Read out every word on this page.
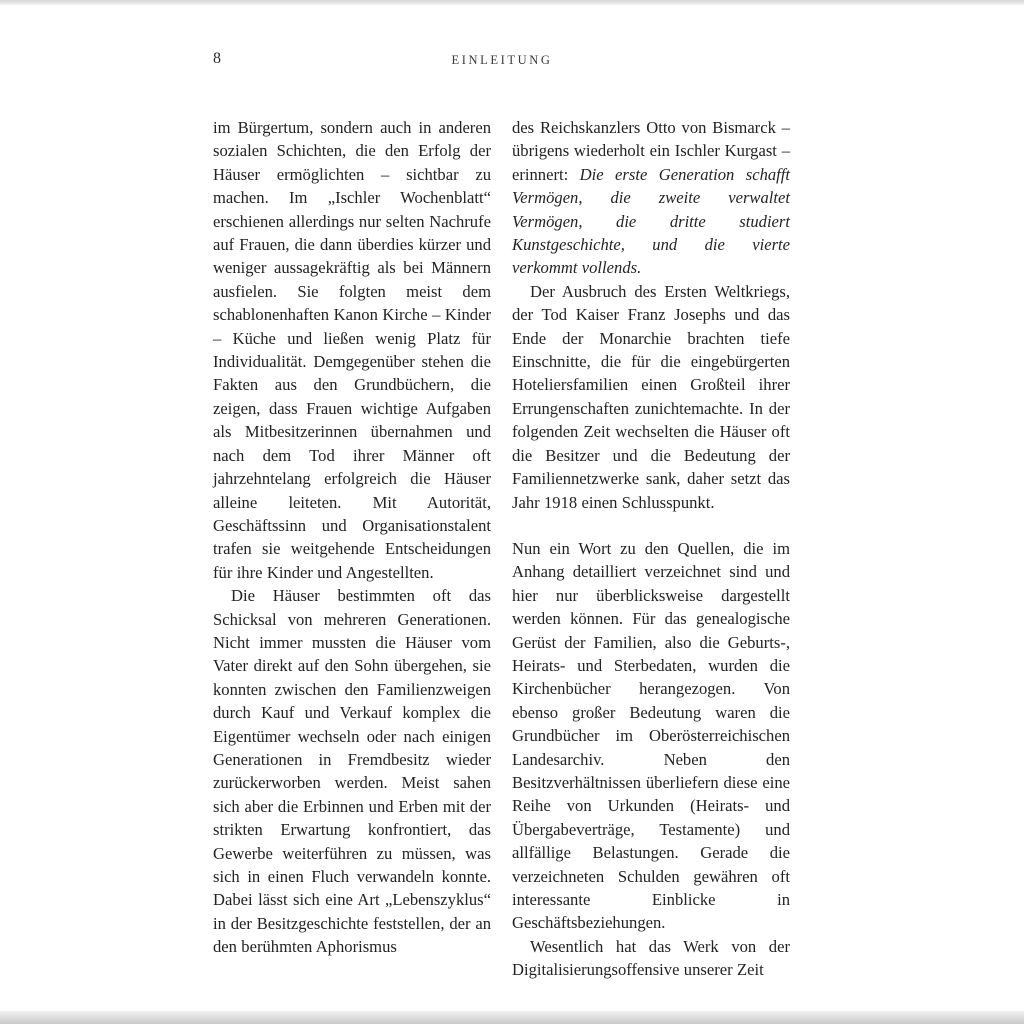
8	EINLEITUNG

im Bürgertum, sondern auch in anderen sozialen Schichten, die den Erfolg der Häuser ermöglichten – sichtbar zu machen. Im „Ischler Wochenblatt“ erschienen allerdings nur selten Nachrufe auf Frauen, die dann überdies kürzer und weniger aussagekräftig als bei Männern ausfielen. Sie folgten meist dem schablonenhaften Kanon Kirche – Kinder – Küche und ließen wenig Platz für Individualität. Demgegenüber stehen die Fakten aus den Grundbüchern, die zeigen, dass Frauen wichtige Aufgaben als Mitbesitzerinnen übernahmen und nach dem Tod ihrer Männer oft jahrzehntelang erfolgreich die Häuser alleine leiteten. Mit Autorität, Geschäftssinn und Organisationstalent trafen sie weitgehende Entscheidungen für ihre Kinder und Angestellten.

Die Häuser bestimmten oft das Schicksal von mehreren Generationen. Nicht immer mussten die Häuser vom Vater direkt auf den Sohn übergehen, sie konnten zwischen den Familienzweigen durch Kauf und Verkauf komplex die Eigentümer wechseln oder nach einigen Generationen in Fremdbesitz wieder zurückerworben werden. Meist sahen sich aber die Erbinnen und Erben mit der strikten Erwartung konfrontiert, das Gewerbe weiterführen zu müssen, was sich in einen Fluch verwandeln konnte. Dabei lässt sich eine Art „Lebenszyklus“ in der Besitzgeschichte feststellen, der an den berühmten Aphorismus

des Reichskanzlers Otto von Bismarck – übrigens wiederholt ein Ischler Kurgast – erinnert: Die erste Generation schafft Vermögen, die zweite verwaltet Vermögen, die dritte studiert Kunstgeschichte, und die vierte verkommt vollends.

Der Ausbruch des Ersten Weltkriegs, der Tod Kaiser Franz Josephs und das Ende der Monarchie brachten tiefe Einschnitte, die für die eingebürgerten Hoteliersfamilien einen Großteil ihrer Errungenschaften zunichtemachte. In der folgenden Zeit wechselten die Häuser oft die Besitzer und die Bedeutung der Familiennetzwerke sank, daher setzt das Jahr 1918 einen Schlusspunkt.

Nun ein Wort zu den Quellen, die im Anhang detailliert verzeichnet sind und hier nur überblicksweise dargestellt werden können. Für das genealogische Gerüst der Familien, also die Geburts-, Heirats- und Sterbedaten, wurden die Kirchenbücher herangezogen. Von ebenso großer Bedeutung waren die Grundbücher im Oberösterreichischen Landesarchiv. Neben den Besitzverhältnissen überliefern diese eine Reihe von Urkunden (Heirats- und Übergabeverträge, Testamente) und allfällige Belastungen. Gerade die verzeichneten Schulden gewähren oft interessante Einblicke in Geschäftsbeziehungen.

Wesentlich hat das Werk von der Digitalisierungsoffensive unserer Zeit
